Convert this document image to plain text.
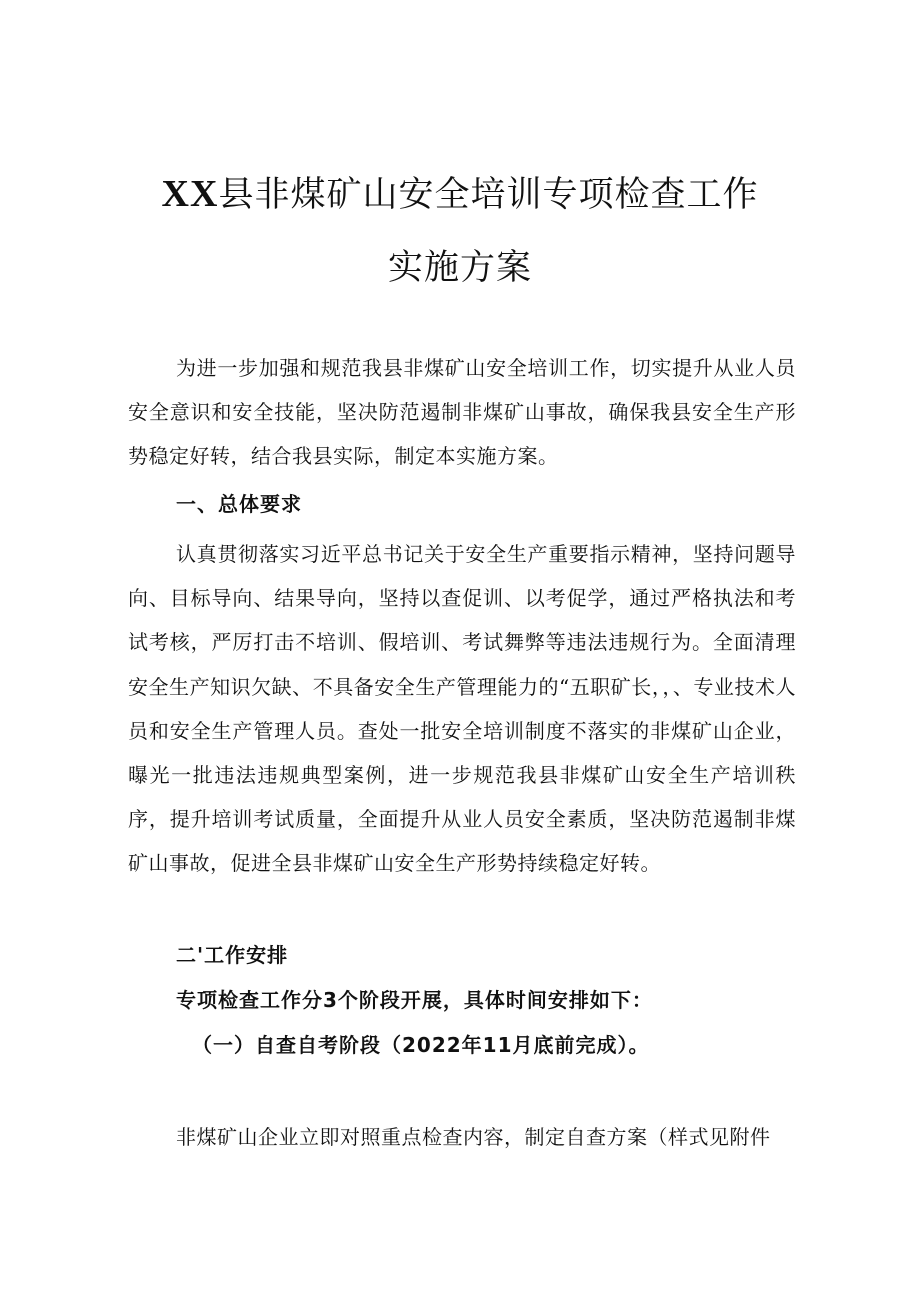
XX县非煤矿山安全培训专项检查工作
实施方案

为进一步加强和规范我县非煤矿山安全培训工作，切实提升从业人员安全意识和安全技能，坚决防范遏制非煤矿山事故，确保我县安全生产形势稳定好转，结合我县实际，制定本实施方案。

一、总体要求

认真贯彻落实习近平总书记关于安全生产重要指示精神，坚持问题导向、目标导向、结果导向，坚持以查促训、以考促学，通过严格执法和考试考核，严厉打击不培训、假培训、考试舞弊等违法违规行为。全面清理安全生产知识欠缺、不具备安全生产管理能力的“五职矿长，，、专业技术人员和安全生产管理人员。查处一批安全培训制度不落实的非煤矿山企业，曝光一批违法违规典型案例，进一步规范我县非煤矿山安全生产培训秩序，提升培训考试质量，全面提升从业人员安全素质，坚决防范遏制非煤矿山事故，促进全县非煤矿山安全生产形势持续稳定好转。

二'工作安排

专项检查工作分3个阶段开展，具体时间安排如下：

（一）自查自考阶段（2022年11月底前完成）。

非煤矿山企业立即对照重点检查内容，制定自查方案（样式见附件
